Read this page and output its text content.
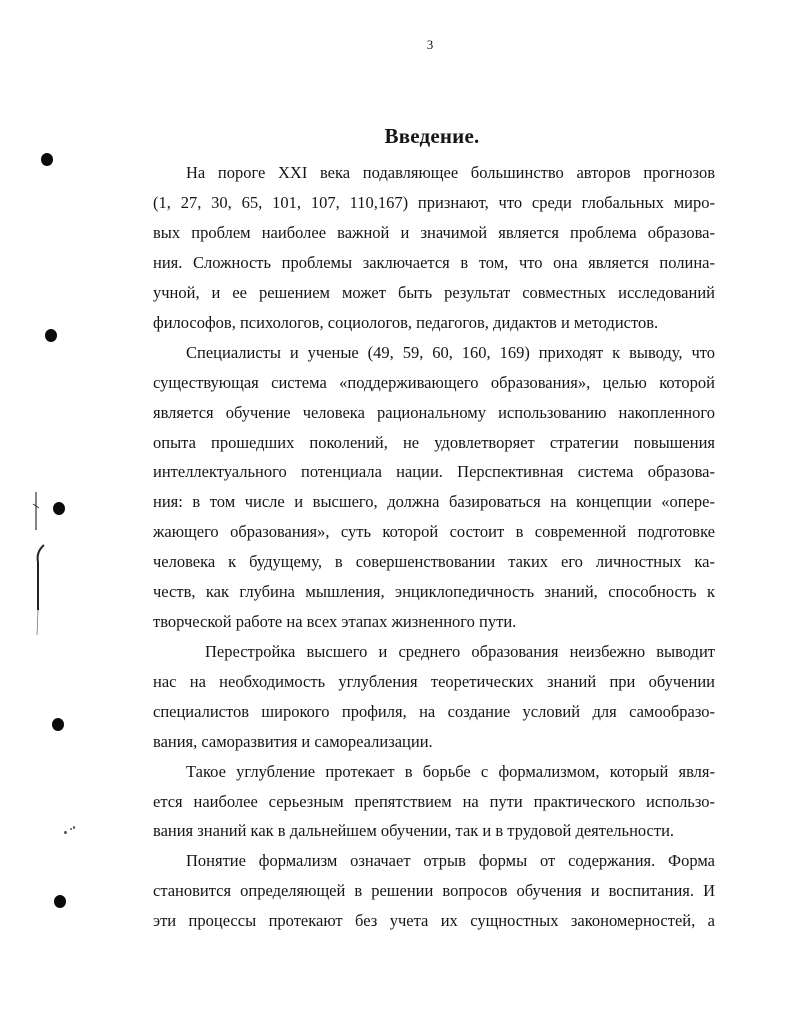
3
Введение.
На пороге XXI века подавляющее большинство авторов прогнозов
(1, 27, 30, 65, 101, 107, 110,167) признают, что среди глобальных миро-
вых проблем наиболее важной и значимой является проблема образова-
ния. Сложность проблемы заключается в том, что она является полина-
учной, и ее решением может быть результат совместных исследований
философов, психологов, социологов, педагогов, дидактов и методистов.
Специалисты и ученые (49, 59, 60, 160, 169) приходят к выводу, что
существующая система «поддерживающего образования», целью которой
является обучение человека рациональному использованию накопленного
опыта прошедших поколений, не удовлетворяет стратегии повышения
интеллектуального потенциала нации. Перспективная система образова-
ния: в том числе и высшего, должна базироваться на концепции «опере-
жающего образования», суть которой состоит в современной подготовке
человека к будущему, в совершенствовании таких его личностных ка-
честв, как глубина мышления, энциклопедичность знаний, способность к
творческой работе на всех этапах жизненного пути.
Перестройка высшего и среднего образования неизбежно выводит
нас на необходимость углубления теоретических знаний при обучении
специалистов широкого профиля, на создание условий для самообразо-
вания, саморазвития и самореализации.
Такое углубление протекает в борьбе с формализмом, который явля-
ется наиболее серьезным препятствием на пути практического использо-
вания знаний как в дальнейшем обучении, так и в трудовой деятельности.
Понятие формализм означает отрыв формы от содержания. Форма
становится определяющей в решении вопросов обучения и воспитания. И
эти процессы протекают без учета их сущностных закономерностей, а
